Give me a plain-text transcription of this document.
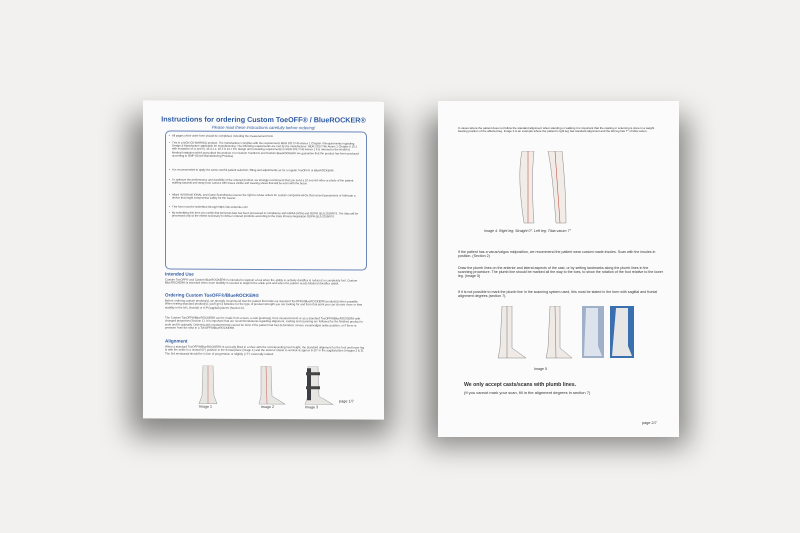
Instructions for ordering Custom ToeOFF® / BlueROCKER®
Please read these instructions carefully before ordering!
• All pages of the order form should be completed, including the measurement form.
• This is a NON CE-MARKED product. The manufacturer complies with the requirements MDR 2017/745 Annex 1 Chapter II Requirements regarding Design & Manufacture applicable for manufacturing. The following requirements are met by the manufacturer: MDR 2017/745 Annex 1 Chapter II 10.1 with exception of c) and e), 10.4.1 a, 10.5 & 14.7 For design and remaining requirements in MDR 2017/745 Annex 1 it is referred to the Health & Medical Institution which prescribed the product. For Custom ToeOFF® and Custom BlueROCKER® we guarantee that the product has been produced according to GMP (Good Manufacturing Practice).
• It is recommended to apply the same careful patient selection, fitting and adjustments as for a regular ToeOFF® or BlueROCKER®.
• To optimize the performance and durability of the ordered product, we strongly recommend that you send a 10 second video or photo of the patient walking towards and away from camera with knees visible and wearing shoes that will be worn with the brace.
• Allard INTERNATIONAL and Camp Scandinavia reserve the right to refuse orders for custom composite AFOs that exceed parameters or fabricate a device that might compromise safety for the wearer.
• This form must be submitted through https://ab-ordersite.com
• By submitting this form you certify that personal data has been processed in compliance with HIPAA (USA) and GDPR (EU) 2016/679. The data will be processed only to the extent necessary to deliver ordered products according to the Data Privacy Regulation GDPR (EU) 2016/679.
Intended Use
Custom ToeOFF® and Custom BlueROCKER® is intended to support a foot when the ability to actively dorsiflex is reduced or completely lost. Custom BlueROCKER® is intended when more stability is needed to support the ankle joint and when the patient needs bilateral dorsiflex assist.
Ordering Custom ToeOFF®/BlueROCKER®
Before ordering custom product(s), we strongly recommend that the patient first trials our standard ToeOFF®/BlueROCKER® product(s) when possible. When testing standard product(s), you'll get a baseline for the type of product strength you are looking for and from that point you can choose more or less stability in the M-L (frontal) or A-P (sagittal) planes (Section 6).
The Custom ToeOFF®/BlueROCKER® can be made from a scan, a cast (pos/neg), from measurements or as a standard ToeOFF®/BlueROCKER® with changed properties (Section 1). It is important that our recommendations regarding alignment, casting and scanning are followed for the finished product to work and fit optimally. Ordering with measurements cannot be done if the patient has foot deformities, severe varus/valgus ankle position, or if there is pressure from the strut in a ToeOFF®/BlueROCKER®.
Alignment
When a standard ToeOFF®/BlueROCKER® is correctly fitted in a shoe with the corresponding heel height, the standard alignment for the foot and lower leg is with the ankle in a neutral (0°) position in the frontal plane (image 1) and the anterior shank to vertical at approx 8-10° in the sagittal plane (images 2 & 3). The 3rd metatarsal should be in line of progression or slightly (<7°) externally rotated.
Image 1	Image 2	Image 3
page 1/7
In cases where the patient does not follow the standard alignment when standing or walking it is important that the casting or scanning is done in a weight bearing position of the affected leg. Image 4 is an example where the patient's right leg has standard alignment and the left leg has 7° of tibia varum.
Image 4. Right leg: Straight 0°. Left leg: Tibia varum 7°
If the patient has a varus/valgus midposition, we recommend the patient wear custom made insoles. Scan with the insoles in position. (Section 2)
Draw the plumb lines on the anterior and lateral aspects of the cast, or by setting landmarks along the plumb lines in the scanning procedure. The plumb line should be marked all the way to the toes, to show the rotation of the foot relative to the lower leg. (Image 5)
If it is not possible to mark the plumb line in the scanning system used, this must be stated in the form with sagittal and frontal alignment degrees (section 7).
Image 5
We only accept casts/scans with plumb lines.
(If you cannot mark your scan, fill in the alignment degrees in section 7)
page 2/7
